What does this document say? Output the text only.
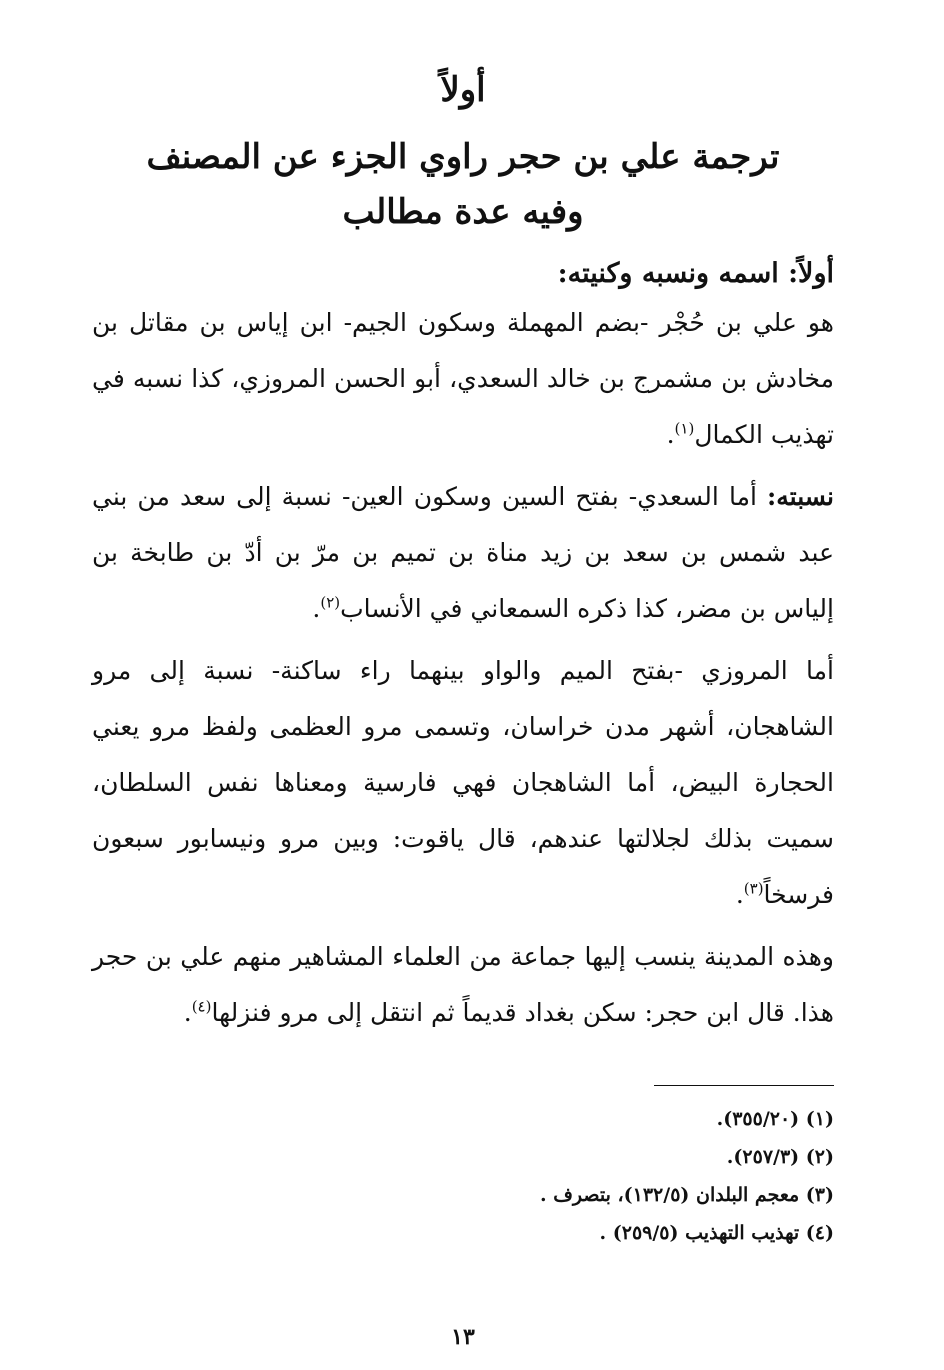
أولاً
ترجمة علي بن حجر راوي الجزء عن المصنف
وفيه عدة مطالب
أولاً: اسمه ونسبه وكنيته:

هو علي بن حُجْر -بضم المهملة وسكون الجيم- ابن إياس بن مقاتل بن مخادش بن مشمرج بن خالد السعدي، أبو الحسن المروزي، كذا نسبه في تهذيب الكمال$^{(١)}$.

نسبته: أما السعدي- بفتح السين وسكون العين- نسبة إلى سعد من بني عبد شمس بن سعد بن زيد مناة بن تميم بن مرّ بن أدّ بن طابخة بن إلياس بن مضر، كذا ذكره السمعاني في الأنساب$^{(٢)}$.

أما المروزي -بفتح الميم والواو بينهما راء ساكنة- نسبة إلى مرو الشاهجان، أشهر مدن خراسان، وتسمى مرو العظمى ولفظ مرو يعني الحجارة البيض، أما الشاهجان فهي فارسية ومعناها نفس السلطان، سميت بذلك لجلالتها عندهم، قال ياقوت: وبين مرو ونيسابور سبعون فرسخاً$^{(٣)}$.

وهذه المدينة ينسب إليها جماعة من العلماء المشاهير منهم علي بن حجر هذا. قال ابن حجر: سكن بغداد قديماً ثم انتقل إلى مرو فنزلها$^{(٤)}$.

(١) (٣٥٥/٢٠).

(٢) (٢٥٧/٣).

(٣) معجم البلدان (١٣٢/٥)، بتصرف .

(٤) تهذيب التهذيب (٢٥٩/٥) .

١٣
